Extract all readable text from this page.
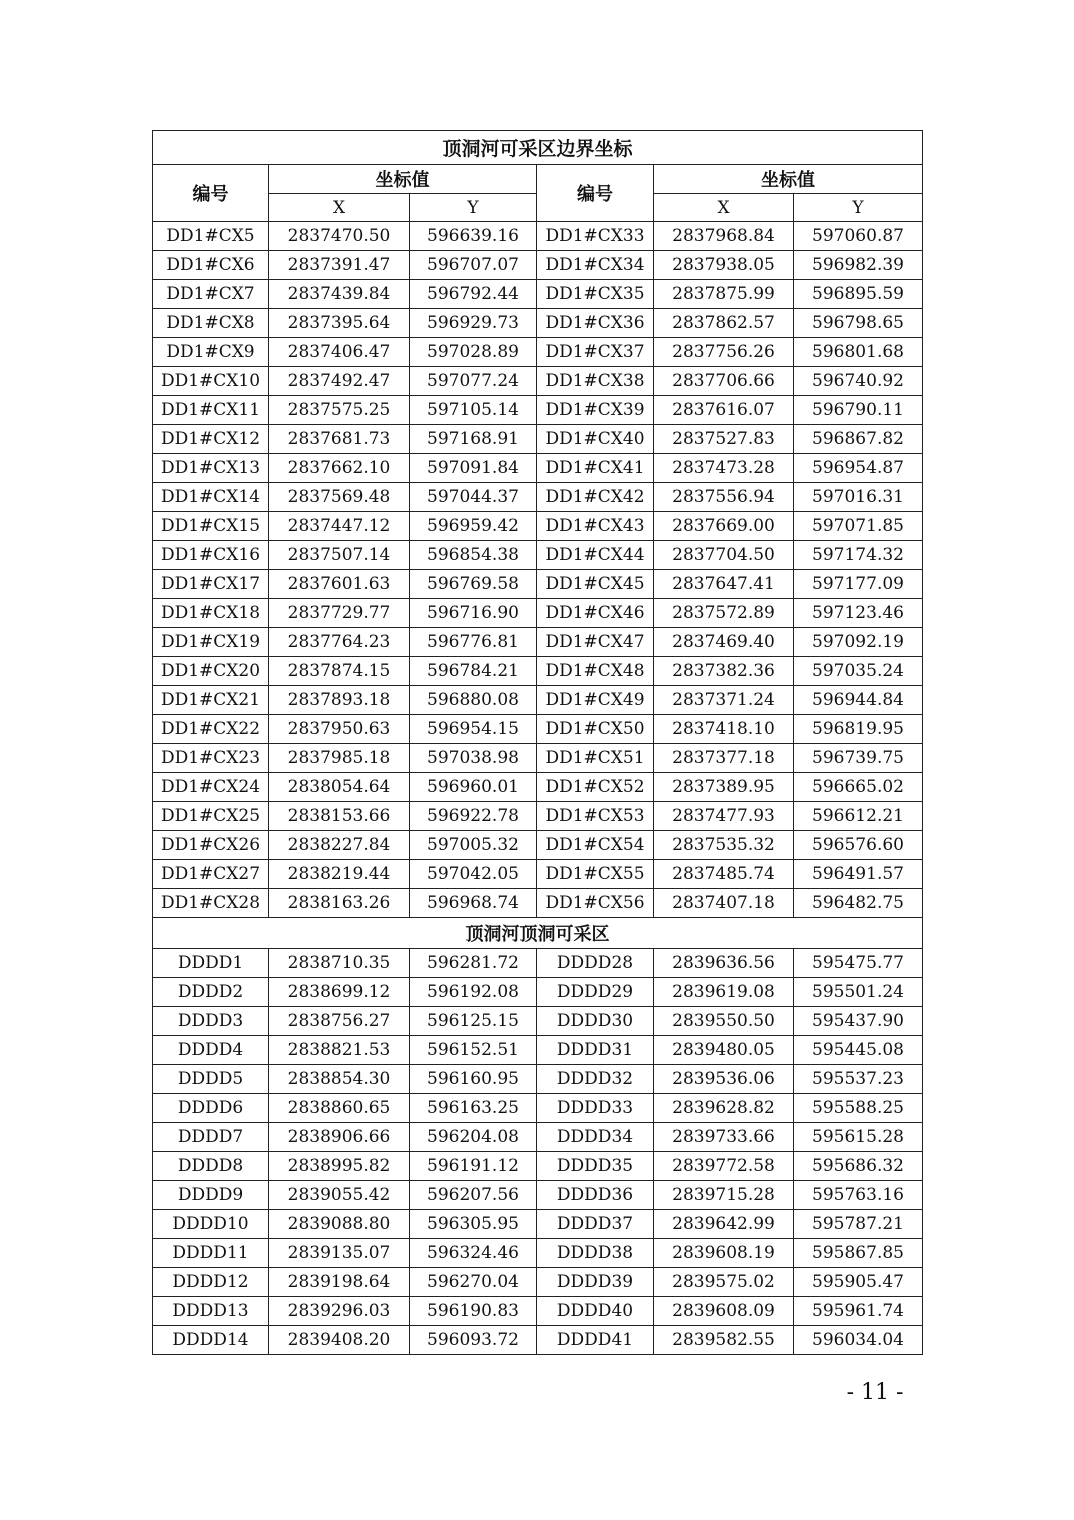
顶洞河可采区边界坐标					
编号	坐标值		编号	坐标值	
	X	Y		X	Y
DD1#CX5	2837470.50	596639.16	DD1#CX33	2837968.84	597060.87
DD1#CX6	2837391.47	596707.07	DD1#CX34	2837938.05	596982.39
DD1#CX7	2837439.84	596792.44	DD1#CX35	2837875.99	596895.59
DD1#CX8	2837395.64	596929.73	DD1#CX36	2837862.57	596798.65
DD1#CX9	2837406.47	597028.89	DD1#CX37	2837756.26	596801.68
DD1#CX10	2837492.47	597077.24	DD1#CX38	2837706.66	596740.92
DD1#CX11	2837575.25	597105.14	DD1#CX39	2837616.07	596790.11
DD1#CX12	2837681.73	597168.91	DD1#CX40	2837527.83	596867.82
DD1#CX13	2837662.10	597091.84	DD1#CX41	2837473.28	596954.87
DD1#CX14	2837569.48	597044.37	DD1#CX42	2837556.94	597016.31
DD1#CX15	2837447.12	596959.42	DD1#CX43	2837669.00	597071.85
DD1#CX16	2837507.14	596854.38	DD1#CX44	2837704.50	597174.32
DD1#CX17	2837601.63	596769.58	DD1#CX45	2837647.41	597177.09
DD1#CX18	2837729.77	596716.90	DD1#CX46	2837572.89	597123.46
DD1#CX19	2837764.23	596776.81	DD1#CX47	2837469.40	597092.19
DD1#CX20	2837874.15	596784.21	DD1#CX48	2837382.36	597035.24
DD1#CX21	2837893.18	596880.08	DD1#CX49	2837371.24	596944.84
DD1#CX22	2837950.63	596954.15	DD1#CX50	2837418.10	596819.95
DD1#CX23	2837985.18	597038.98	DD1#CX51	2837377.18	596739.75
DD1#CX24	2838054.64	596960.01	DD1#CX52	2837389.95	596665.02
DD1#CX25	2838153.66	596922.78	DD1#CX53	2837477.93	596612.21
DD1#CX26	2838227.84	597005.32	DD1#CX54	2837535.32	596576.60
DD1#CX27	2838219.44	597042.05	DD1#CX55	2837485.74	596491.57
DD1#CX28	2838163.26	596968.74	DD1#CX56	2837407.18	596482.75
顶洞河顶洞可采区					
DDDD1	2838710.35	596281.72	DDDD28	2839636.56	595475.77
DDDD2	2838699.12	596192.08	DDDD29	2839619.08	595501.24
DDDD3	2838756.27	596125.15	DDDD30	2839550.50	595437.90
DDDD4	2838821.53	596152.51	DDDD31	2839480.05	595445.08
DDDD5	2838854.30	596160.95	DDDD32	2839536.06	595537.23
DDDD6	2838860.65	596163.25	DDDD33	2839628.82	595588.25
DDDD7	2838906.66	596204.08	DDDD34	2839733.66	595615.28
DDDD8	2838995.82	596191.12	DDDD35	2839772.58	595686.32
DDDD9	2839055.42	596207.56	DDDD36	2839715.28	595763.16
DDDD10	2839088.80	596305.95	DDDD37	2839642.99	595787.21
DDDD11	2839135.07	596324.46	DDDD38	2839608.19	595867.85
DDDD12	2839198.64	596270.04	DDDD39	2839575.02	595905.47
DDDD13	2839296.03	596190.83	DDDD40	2839608.09	595961.74
DDDD14	2839408.20	596093.72	DDDD41	2839582.55	596034.04
- 11 -
